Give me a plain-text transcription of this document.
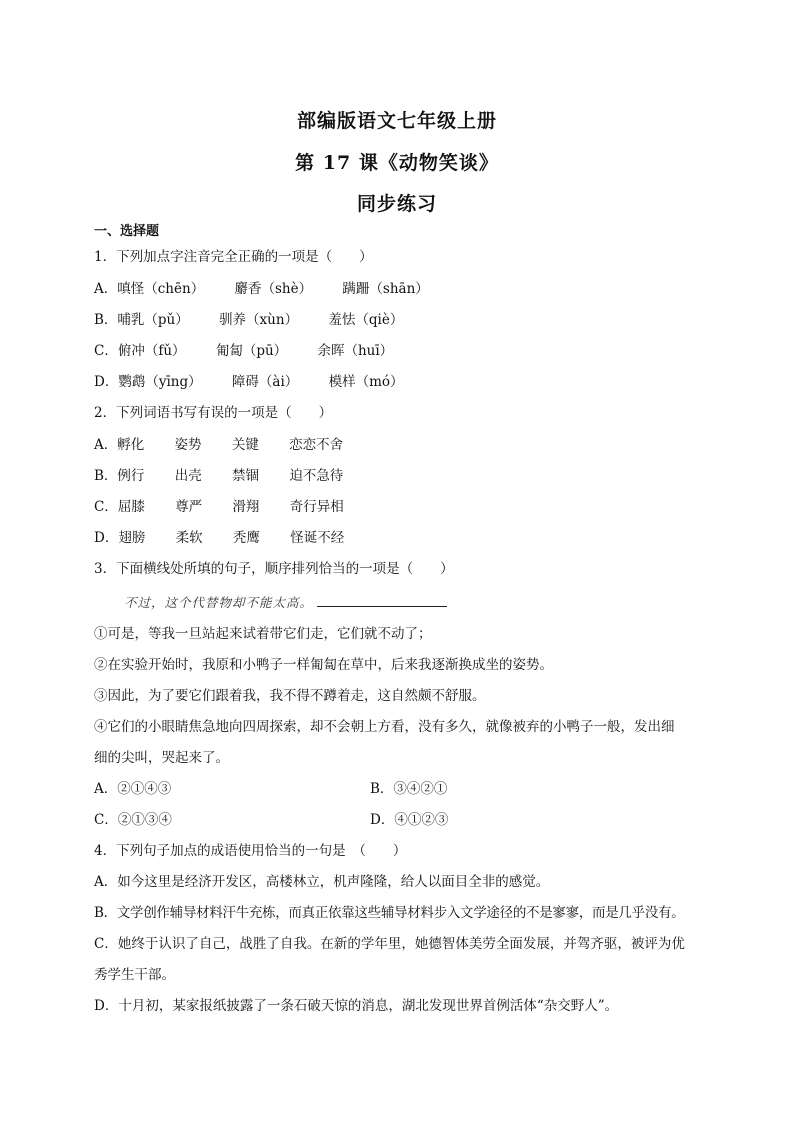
部编版语文七年级上册
第 17 课《动物笑谈》
同步练习
一、选择题
1．下列加点字注音完全正确的一项是（　　）
A．嗔怪（chēn） 麝香（shè） 蹒跚（shān）
B．哺乳（pǔ） 驯养（xùn） 羞怯（qiè）
C．俯冲（fǔ） 匍匐（pū） 余晖（huī）
D．鹦鹉（yīng） 障碍（ài） 模样（mó）
2．下列词语书写有误的一项是（　　）
A．孵化 姿势 关键 恋恋不舍
B．例行 出壳 禁锢 迫不急待
C．屈膝 尊严 滑翔 奇行异相
D．翅膀 柔软 秃鹰 怪诞不经
3．下面横线处所填的句子，顺序排列恰当的一项是（　　）
不过，这个代替物却不能太高。
①可是，等我一旦站起来试着带它们走，它们就不动了；
②在实验开始时，我原和小鸭子一样匍匐在草中，后来我逐渐换成坐的姿势。
③因此，为了要它们跟着我，我不得不蹲着走，这自然颇不舒服。
④它们的小眼睛焦急地向四周探索，却不会朝上方看，没有多久，就像被弃的小鸭子一般，发出细
细的尖叫，哭起来了。
A．②①④③	B．③④②①
C．②①③④	D．④①②③
4．下列句子加点的成语使用恰当的一句是　（　　）
A．如今这里是经济开发区，高楼林立，机声隆隆，给人以面目全非的感觉。
B．文学创作辅导材料汗牛充栋，而真正依靠这些辅导材料步入文学途径的不是寥寥，而是几乎没有。
C．她终于认识了自己，战胜了自我。在新的学年里，她德智体美劳全面发展，并驾齐驱，被评为优
秀学生干部。
D．十月初，某家报纸披露了一条石破天惊的消息，湖北发现世界首例活体“杂交野人”。
